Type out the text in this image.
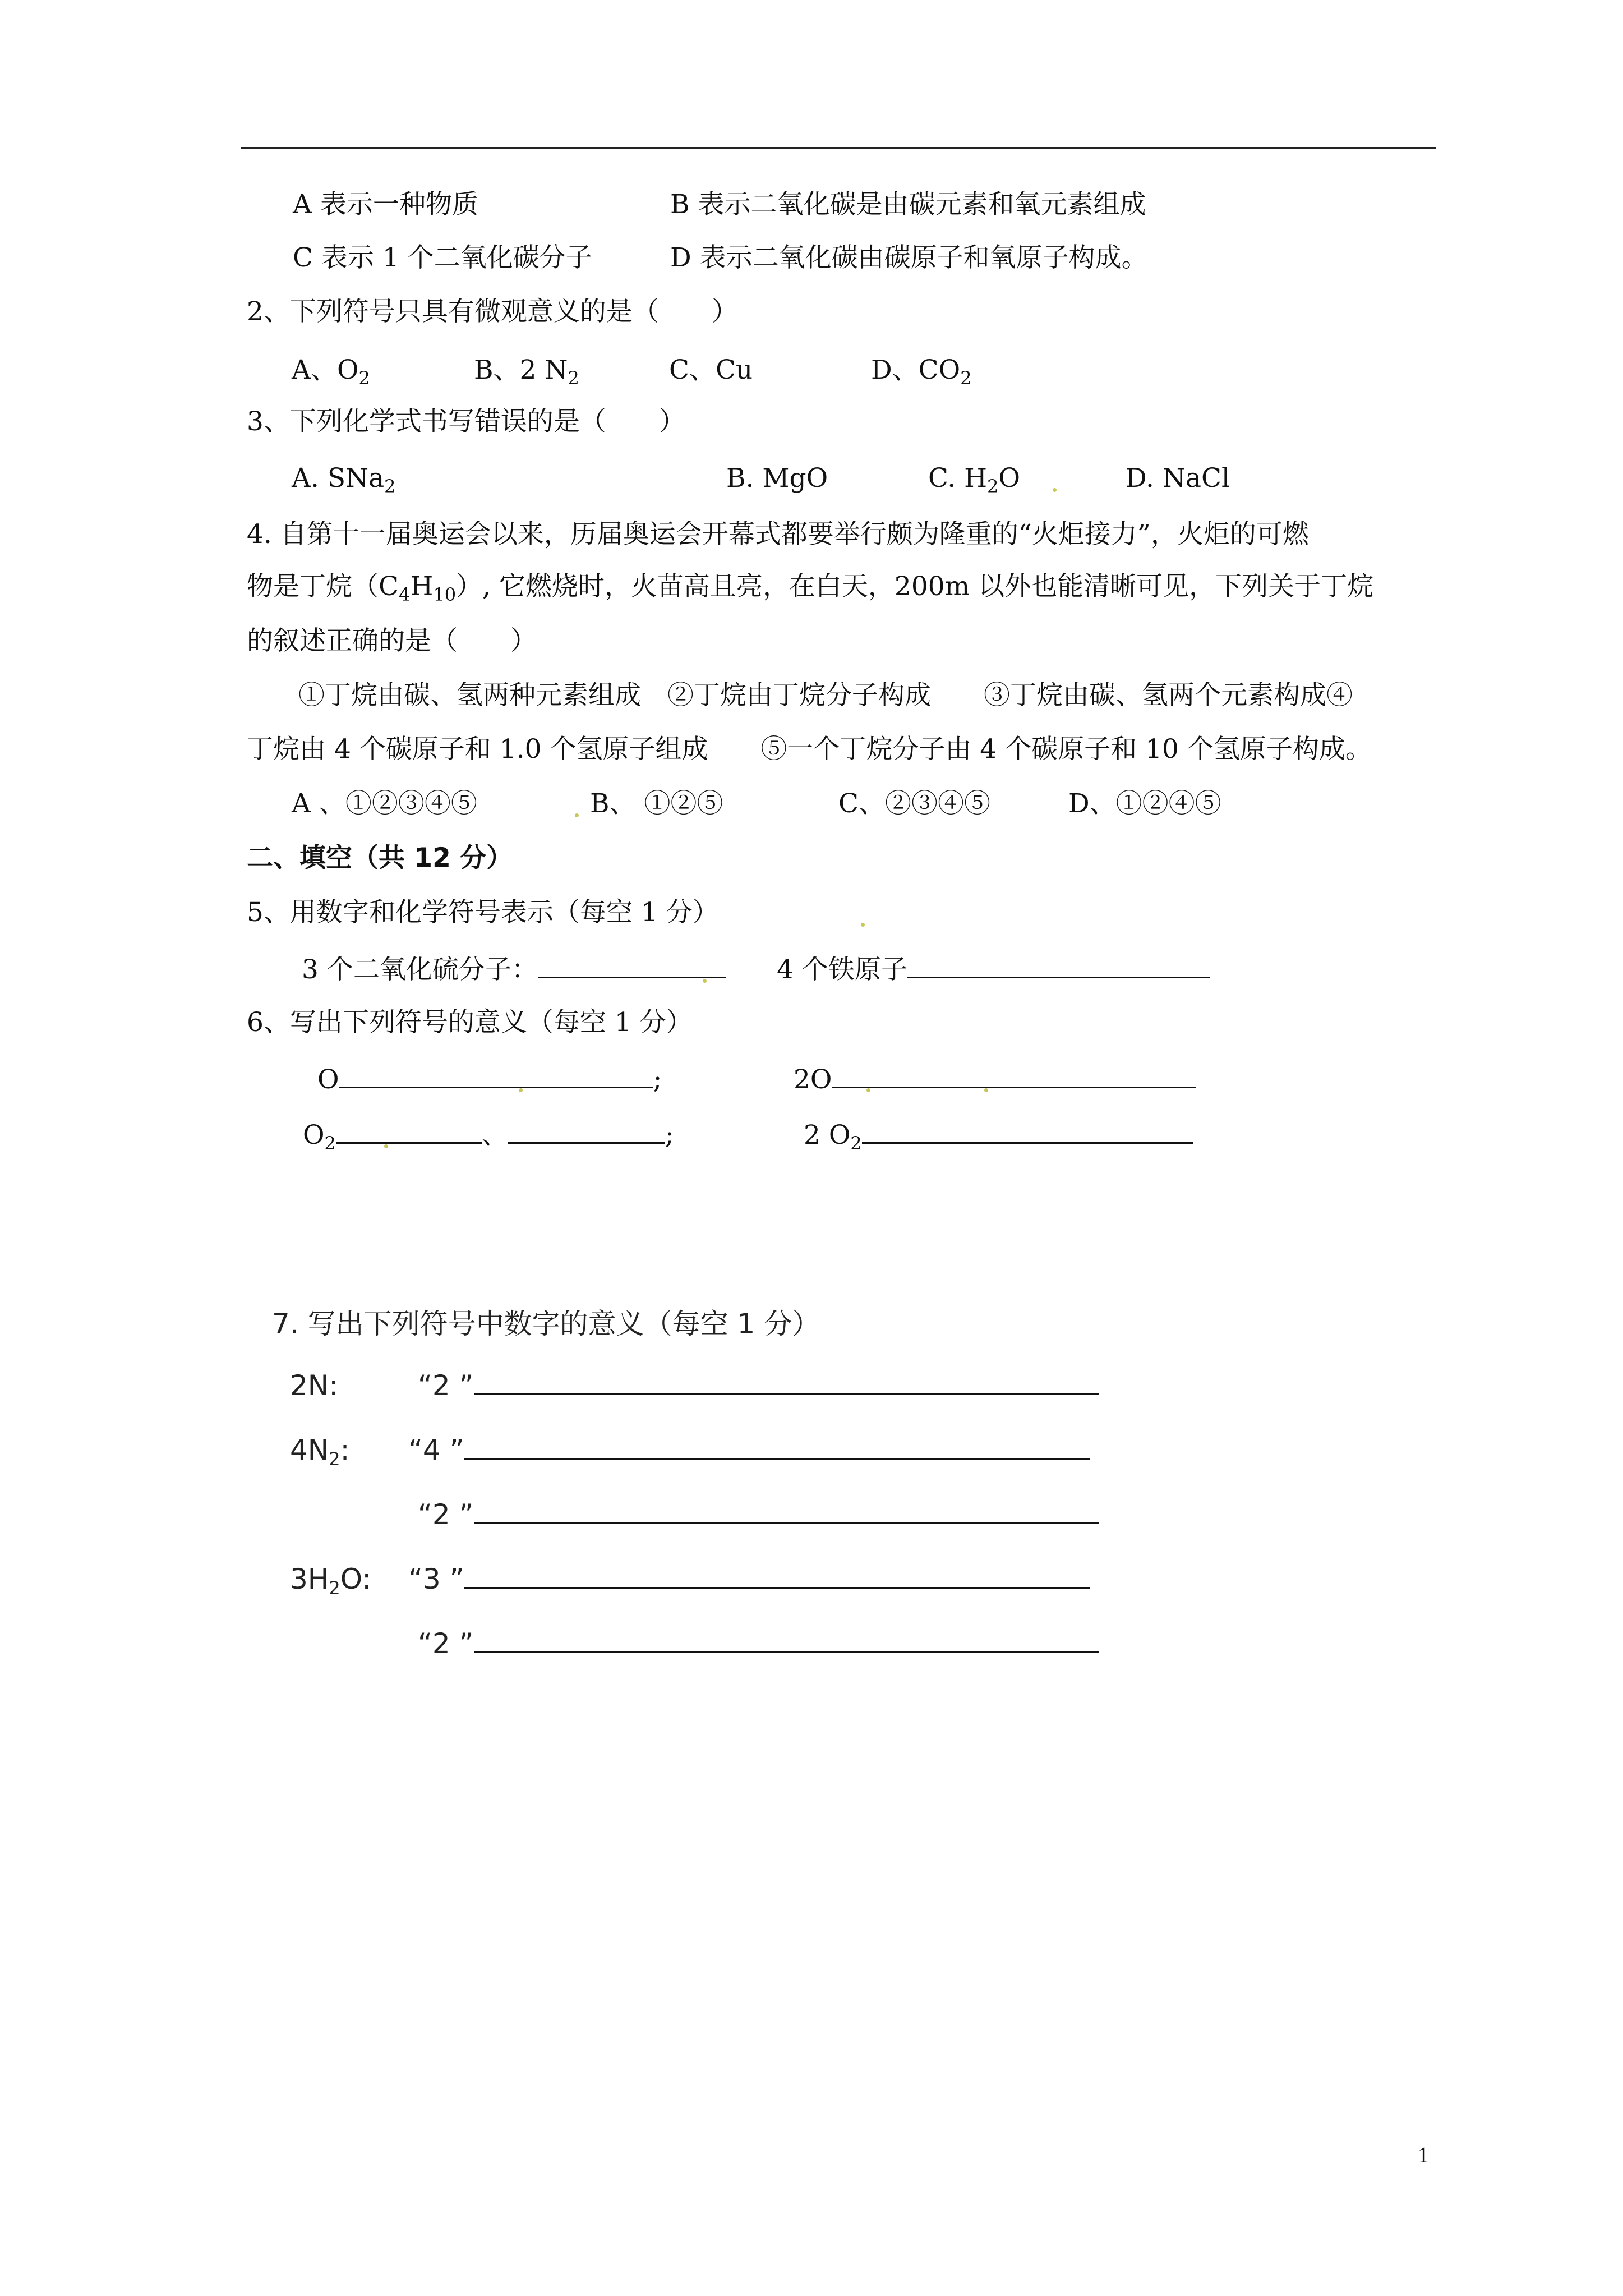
A 表示一种物质	B 表示二氧化碳是由碳元素和氧元素组成
C 表示 1 个二氧化碳分子	D 表示二氧化碳由碳原子和氧原子构成。
2、下列符号只具有微观意义的是（　　）
A、$O_2$	B、2 $N_2$	C、Cu	D、$CO_2$
3、下列化学式书写错误的是（　　）
A. SNa$_2$	B. MgO	C. $H_2O$	D. NaCl
4. 自第十一届奥运会以来，历届奥运会开幕式都要举行颇为隆重的“火炬接力”，火炬的可燃
物是丁烷$(C_4H_{10})$, 它燃烧时，火苗高且亮，在白天，200m 以外也能清晰可见，下列关于丁烷
的叙述正确的是（　　）
①丁烷由碳、氢两种元素组成　②丁烷由丁烷分子构成　　③丁烷由碳、氢两个元素构成④
丁烷由 4 个碳原子和 1.0 个氢原子组成　　⑤一个丁烷分子由 4 个碳原子和 10 个氢原子构成。
A 、①②③④⑤	B、 ①②⑤	C、②③④⑤	D、①②④⑤
二、填空（共 12 分）
5、用数字和化学符号表示（每空 1 分）
3 个二氧化硫分子：	4 个铁原子
6、写出下列符号的意义（每空 1 分）
O	;	2O
$O_2$	、	;	2 $O_2$
7. 写出下列符号中数字的意义（每空 1 分）
2N:	“2 ”
$4N_2$: “4 ”
“2 ”
$3H_2O$: “3 ”
“2 ”
1
